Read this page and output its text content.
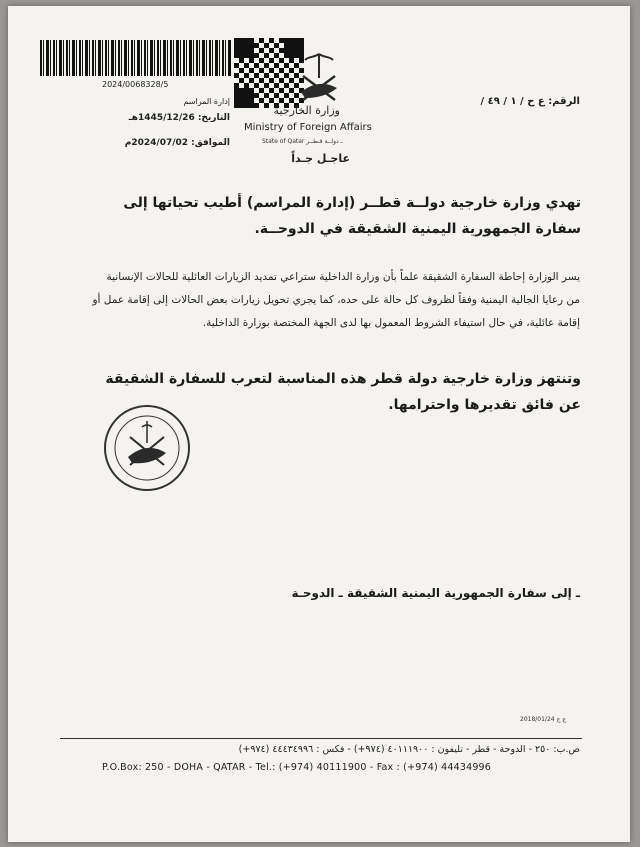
2024/0068328/5
إدارة المراسم
التاريخ: 1445/12/26هـ
الموافق: 2024/07/02م
وزارة الخارجية
Ministry of Foreign Affairs
State of Qatar ـ دولــة قـطــر
عاجـل جـداً
الرقم: ع ح / ١ / ٤٩ /
تهدي وزارة خارجية دولــة قطــر (إدارة المراسم) أطيب تحياتها إلى سفارة الجمهورية اليمنية الشقيقة في الدوحــة.
يسر الوزارة إحاطة السفارة الشقيقة علماً بأن وزارة الداخلية ستراعي تمديد الزيارات العائلية للحالات الإنسانية من رعايا الجالية اليمنية وفقاً لظروف كل حالة على حده، كما يجري تحويل زيارات بعض الحالات إلى إقامة عمل أو إقامة عائلية، في حال استيفاء الشروط المعمول بها لدى الجهة المختصة بوزارة الداخلية.
وتنتهز وزارة خارجية دولة قطر هذه المناسبة لتعرب للسفارة الشقيقة عن فائق تقديرها واحترامها.
ـ إلى سفارة الجمهورية اليمنية الشقيقة ـ الدوحـة
2018/01/24 ج ج
ص.ب: ٢٥٠ - الدوحة - قطر - تليفون : ٤٠١١١٩٠٠ (٩٧٤+) - فكس : ٤٤٤٣٤٩٩٦ (٩٧٤+)
P.O.Box: 250 - DOHA - QATAR - Tel.: (+974) 40111900 - Fax : (+974) 44434996
